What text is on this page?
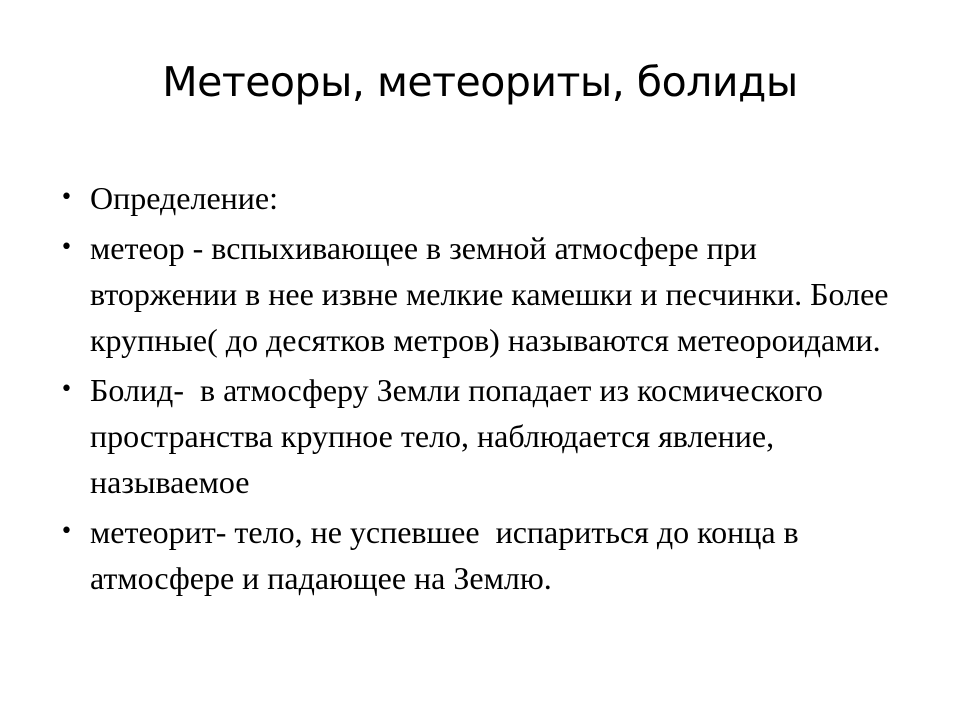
Метеоры, метеориты, болиды
• Определение:
• метеор - вспыхивающее в земной атмосфере при вторжении в нее извне мелкие камешки и песчинки. Более крупные( до десятков метров) называются метеороидами.
• Болид-  в атмосферу Земли попадает из космического пространства крупное тело, наблюдается явление, называемое
• метеорит- тело, не успевшее  испариться до конца в атмосфере и падающее на Землю.
